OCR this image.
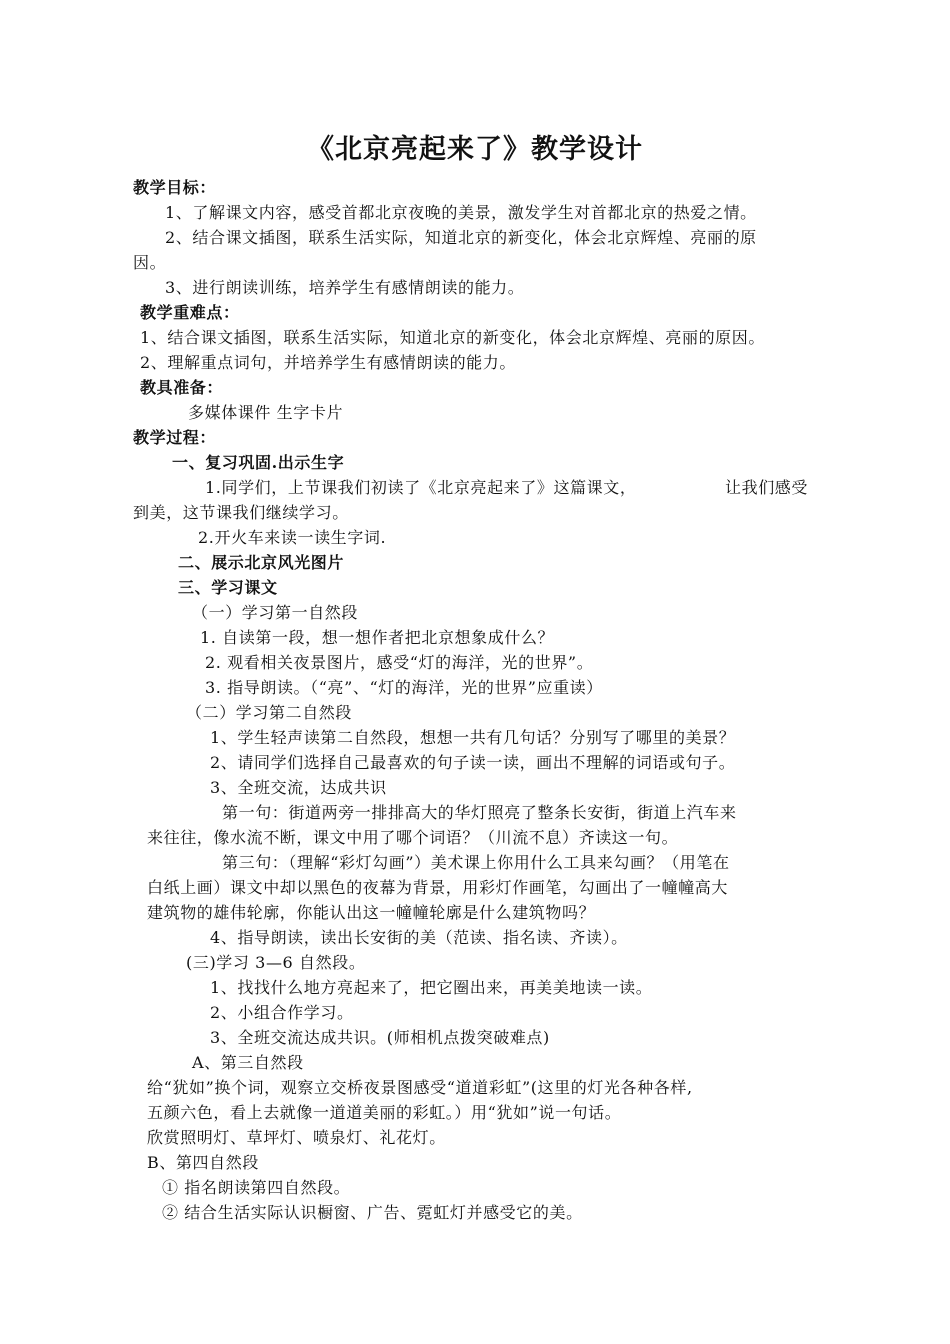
《北京亮起来了》教学设计
教学目标：
1、了解课文内容，感受首都北京夜晚的美景，激发学生对首都北京的热爱之情。
2、结合课文插图，联系生活实际，知道北京的新变化，体会北京辉煌、亮丽的原
因。
3、进行朗读训练，培养学生有感情朗读的能力。
教学重难点：
1、结合课文插图，联系生活实际，知道北京的新变化，体会北京辉煌、亮丽的原因。
2、理解重点词句，并培养学生有感情朗读的能力。
教具准备：
多媒体课件 生字卡片
教学过程：
一、复习巩固.出示生字
1.同学们，上节课我们初读了《北京亮起来了》这篇课文，	让我们感受
到美，这节课我们继续学习。
2.开火车来读一读生字词.
二、展示北京风光图片
三、学习课文
（一）学习第一自然段
1. 自读第一段，想一想作者把北京想象成什么？
2. 观看相关夜景图片，感受“灯的海洋，光的世界”。
3. 指导朗读。（“亮”、“灯的海洋，光的世界”应重读）
（二）学习第二自然段
1、学生轻声读第二自然段，想想一共有几句话？分别写了哪里的美景？
2、请同学们选择自己最喜欢的句子读一读，画出不理解的词语或句子。
3、全班交流，达成共识
第一句：街道两旁一排排高大的华灯照亮了整条长安街，街道上汽车来
来往往，像水流不断，课文中用了哪个词语？（川流不息）齐读这一句。
第三句：（理解“彩灯勾画”）美术课上你用什么工具来勾画？（用笔在
白纸上画）课文中却以黑色的夜幕为背景，用彩灯作画笔，勾画出了一幢幢高大
建筑物的雄伟轮廓，你能认出这一幢幢轮廓是什么建筑物吗？
4、指导朗读，读出长安街的美（范读、指名读、齐读）。
(三)学习 3—6 自然段。
1、找找什么地方亮起来了，把它圈出来，再美美地读一读。
2、小组合作学习。
3、全班交流达成共识。(师相机点拨突破难点)
A、第三自然段
给“犹如”换个词，观察立交桥夜景图感受“道道彩虹”(这里的灯光各种各样,
五颜六色，看上去就像一道道美丽的彩虹。）用“犹如”说一句话。
欣赏照明灯、草坪灯、喷泉灯、礼花灯。
B、第四自然段
① 指名朗读第四自然段。
② 结合生活实际认识橱窗、广告、霓虹灯并感受它的美。
